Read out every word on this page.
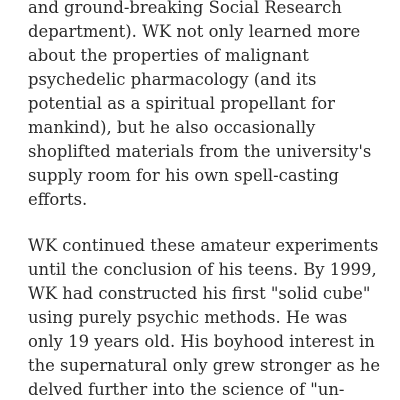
and ground-breaking Social Research
department). WK not only learned more
about the properties of malignant
psychedelic pharmacology (and its
potential as a spiritual propellant for
mankind), but he also occasionally
shoplifted materials from the university's
supply room for his own spell-casting
efforts.
WK continued these amateur experiments
until the conclusion of his teens. By 1999,
WK had constructed his first "solid cube"
using purely psychic methods. He was
only 19 years old. His boyhood interest in
the supernatural only grew stronger as he
delved further into the science of "un-
